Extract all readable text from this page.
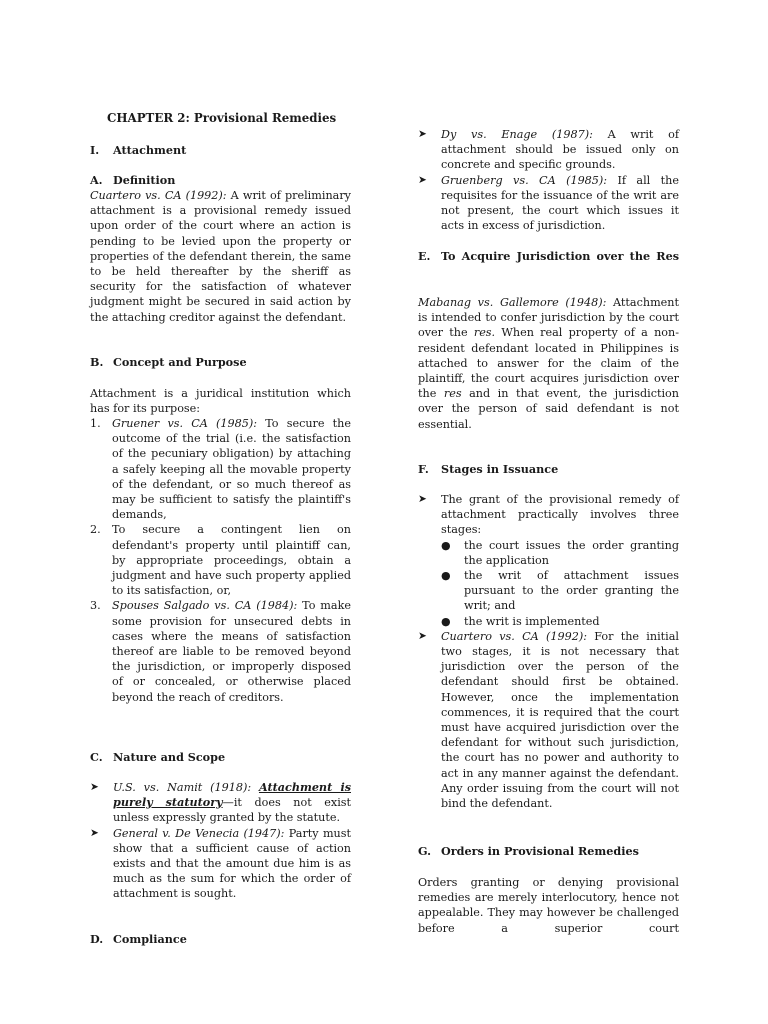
CHAPTER 2: Provisional Remedies

I.	Attachment
A. Definition

Cuartero vs. CA (1992): A writ of preliminary attachment is a provisional remedy issued upon order of the court where an action is pending to be levied upon the property or properties of the defendant therein, the same to be held thereafter by the sheriff as security for the satisfaction of whatever judgment might be secured in said action by the attaching creditor against the defendant.

B. Concept and Purpose

Attachment is a juridical institution which has for its purpose:

1.	Gruener vs. CA (1985): To secure the outcome of the trial (i.e. the satisfaction of the pecuniary obligation) by attaching a safely keeping all the movable property of the defendant, or so much thereof as may be sufficient to satisfy the plaintiff's demands,

2.	To secure a contingent lien on defendant's property until plaintiff can, by appropriate proceedings, obtain a judgment and have such property applied to its satisfaction, or,

3.	Spouses Salgado vs. CA (1984): To make some provision for unsecured debts in cases where the means of satisfaction thereof are liable to be removed beyond the jurisdiction, or improperly disposed of or concealed, or otherwise placed beyond the reach of creditors.

C. Nature and Scope
➤	U.S. vs. Namit (1918): Attachment is purely statutory—it does not exist unless expressly granted by the statute.

➤	General v. De Venecia (1947): Party must show that a sufficient cause of action exists and that the amount due him is as much as the sum for which the order of attachment is sought.

D. Compliance
➤	Dy vs. Enage (1987): A writ of attachment should be issued only on concrete and specific grounds.

➤	Gruenberg vs. CA (1985): If all the requisites for the issuance of the writ are not present, the court which issues it acts in excess of jurisdiction.

E. To Acquire Jurisdiction over the Res

Mabanag vs. Gallemore (1948): Attachment is intended to confer jurisdiction by the court over the res. When real property of a non-resident defendant located in Philippines is attached to answer for the claim of the plaintiff, the court acquires jurisdiction over the res and in that event, the jurisdiction over the person of said defendant is not essential.

F.	Stages in Issuance
➤	The grant of the provisional remedy of attachment practically involves three stages:

●	the court issues the order granting the application

●	the writ of attachment issues pursuant to the order granting the writ; and

●	the writ is implemented

➤	Cuartero vs. CA (1992): For the initial two stages, it is not necessary that jurisdiction over the person of the defendant should first be obtained. However, once the implementation commences, it is required that the court must have acquired jurisdiction over the defendant for without such jurisdiction, the court has no power and authority to act in any manner against the defendant. Any order issuing from the court will not bind the defendant.

G. Orders in Provisional Remedies

Orders granting or denying provisional remedies are merely interlocutory, hence not appealable. They may however be challenged before a superior court
